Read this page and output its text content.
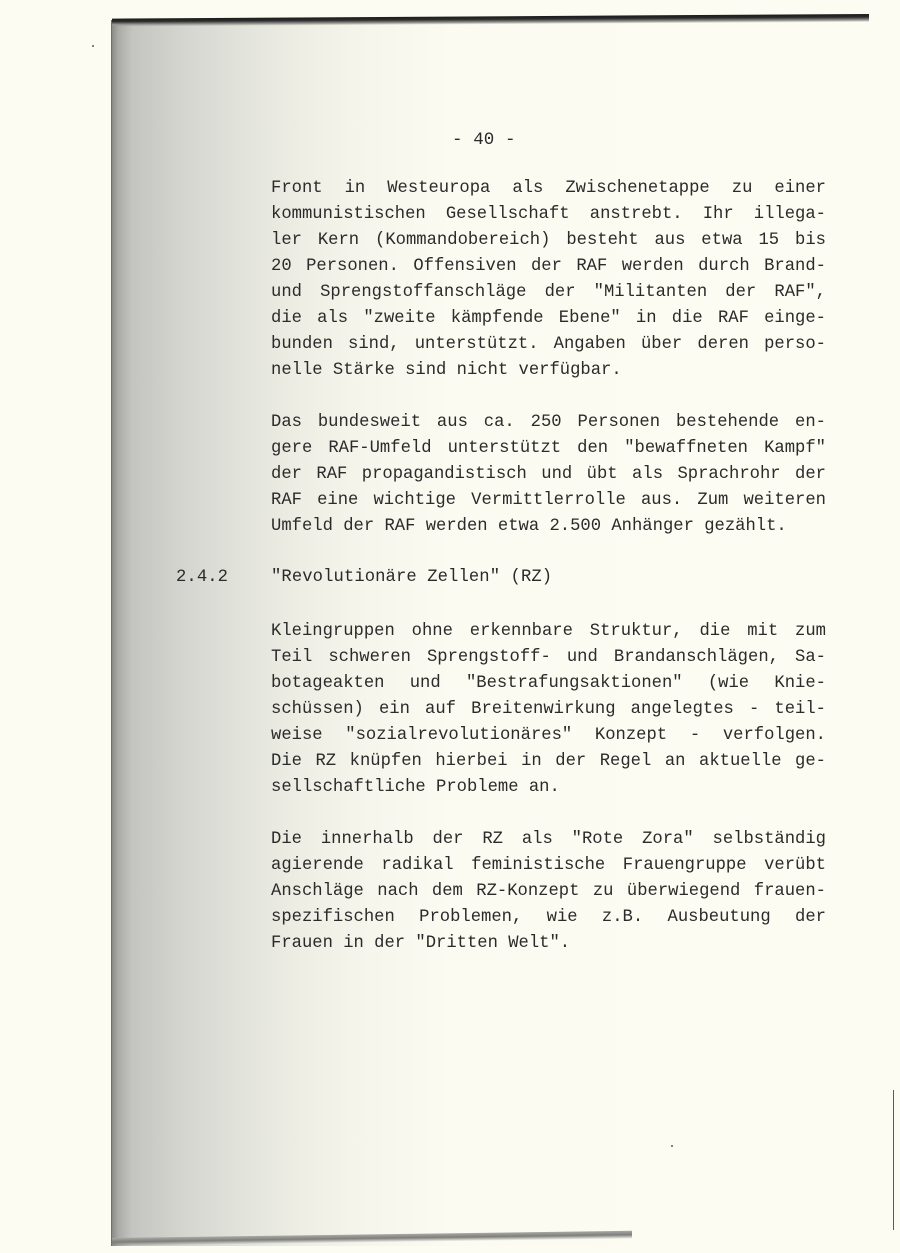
- 40 -
Front in Westeuropa als Zwischenetappe zu einer
kommunistischen Gesellschaft anstrebt. Ihr illega-
ler Kern (Kommandobereich) besteht aus etwa 15 bis
20 Personen. Offensiven der RAF werden durch Brand-
und Sprengstoffanschläge der "Militanten der RAF",
die als "zweite kämpfende Ebene" in die RAF einge-
bunden sind, unterstützt. Angaben über deren perso-
nelle Stärke sind nicht verfügbar.
Das bundesweit aus ca. 250 Personen bestehende en-
gere RAF-Umfeld unterstützt den "bewaffneten Kampf"
der RAF propagandistisch und übt als Sprachrohr der
RAF eine wichtige Vermittlerrolle aus. Zum weiteren
Umfeld der RAF werden etwa 2.500 Anhänger gezählt.
2.4.2 "Revolutionäre Zellen" (RZ)
Kleingruppen ohne erkennbare Struktur, die mit zum
Teil schweren Sprengstoff- und Brandanschlägen, Sa-
botageakten und "Bestrafungsaktionen" (wie Knie-
schüssen) ein auf Breitenwirkung angelegtes - teil-
weise "sozialrevolutionäres" Konzept - verfolgen.
Die RZ knüpfen hierbei in der Regel an aktuelle ge-
sellschaftliche Probleme an.
Die innerhalb der RZ als "Rote Zora" selbständig
agierende radikal feministische Frauengruppe verübt
Anschläge nach dem RZ-Konzept zu überwiegend frauen-
spezifischen Problemen, wie z.B. Ausbeutung der
Frauen in der "Dritten Welt".
